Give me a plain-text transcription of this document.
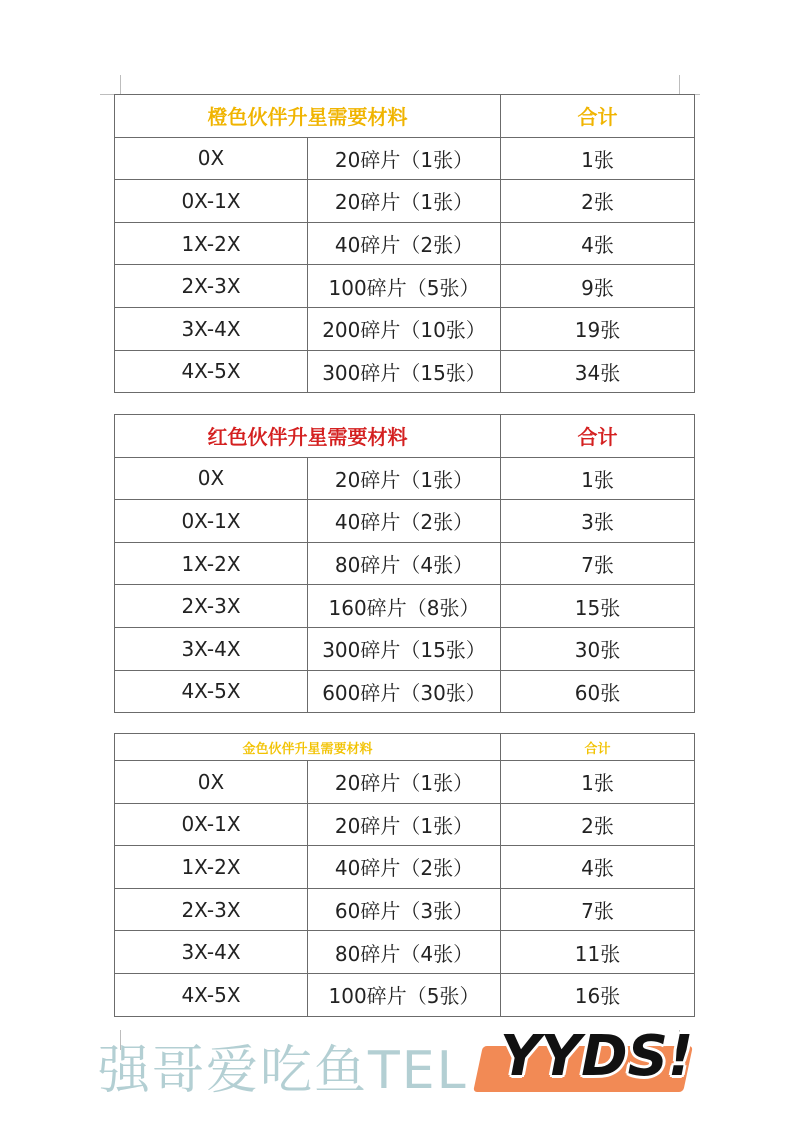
橙色伙伴升星需要材料		合计
0X	20碎片（1张）	1张
0X-1X	20碎片（1张）	2张
1X-2X	40碎片（2张）	4张
2X-3X	100碎片（5张）	9张
3X-4X	200碎片（10张）	19张
4X-5X	300碎片（15张）	34张
红色伙伴升星需要材料		合计
0X	20碎片（1张）	1张
0X-1X	40碎片（2张）	3张
1X-2X	80碎片（4张）	7张
2X-3X	160碎片（8张）	15张
3X-4X	300碎片（15张）	30张
4X-5X	600碎片（30张）	60张
金色伙伴升星需要材料		合计
0X	20碎片（1张）	1张
0X-1X	20碎片（1张）	2张
1X-2X	40碎片（2张）	4张
2X-3X	60碎片（3张）	7张
3X-4X	80碎片（4张）	11张
4X-5X	100碎片（5张）	16张
强哥爱吃鱼TEL YYDS!
